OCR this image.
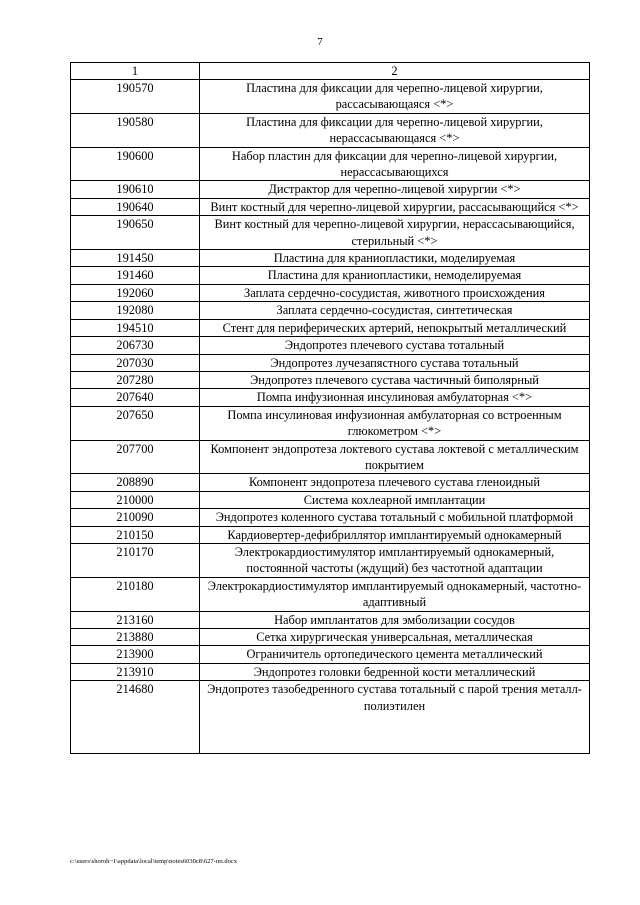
7
1	2
190570	Пластина для фиксации для черепно-лицевой хирургии, рассасывающаяся <*>
190580	Пластина для фиксации для черепно-лицевой хирургии, нерассасывающаяся <*>
190600	Набор пластин для фиксации для черепно-лицевой хирургии, нерассасывающихся
190610	Дистрактор для черепно-лицевой хирургии <*>
190640	Винт костный для черепно-лицевой хирургии, рассасывающийся <*>
190650	Винт костный для черепно-лицевой хирургии, нерассасывающийся, стерильный <*>
191450	Пластина для краниопластики, моделируемая
191460	Пластина для краниопластики, немоделируемая
192060	Заплата сердечно-сосудистая, животного происхождения
192080	Заплата сердечно-сосудистая, синтетическая
194510	Стент для периферических артерий, непокрытый металлический
206730	Эндопротез плечевого сустава тотальный
207030	Эндопротез лучезапястного сустава тотальный
207280	Эндопротез плечевого сустава частичный биполярный
207640	Помпа инфузионная инсулиновая амбулаторная <*>
207650	Помпа инсулиновая инфузионная амбулаторная со встроенным глюкометром <*>
207700	Компонент эндопротеза локтевого сустава локтевой с металлическим покрытием
208890	Компонент эндопротеза плечевого сустава гленоидный
210000	Система кохлеарной имплантации
210090	Эндопротез коленного сустава тотальный с мобильной платформой
210150	Кардиовертер-дефибриллятор имплантируемый однокамерный
210170	Электрокардиостимулятор имплантируемый однокамерный, постоянной частоты (ждущий) без частотной адаптации
210180	Электрокардиостимулятор имплантируемый однокамерный, частотно-адаптивный
213160	Набор имплантатов для эмболизации сосудов
213880	Сетка хирургическая универсальная, металлическая
213900	Ограничитель ортопедического цемента металлический
213910	Эндопротез головки бедренной кости металлический
214680	Эндопротез тазобедренного сустава тотальный с парой трения металл-полиэтилен
c:\users\shoroh~1\appdata\local\temp\notes6030c8\627-пп.docx
